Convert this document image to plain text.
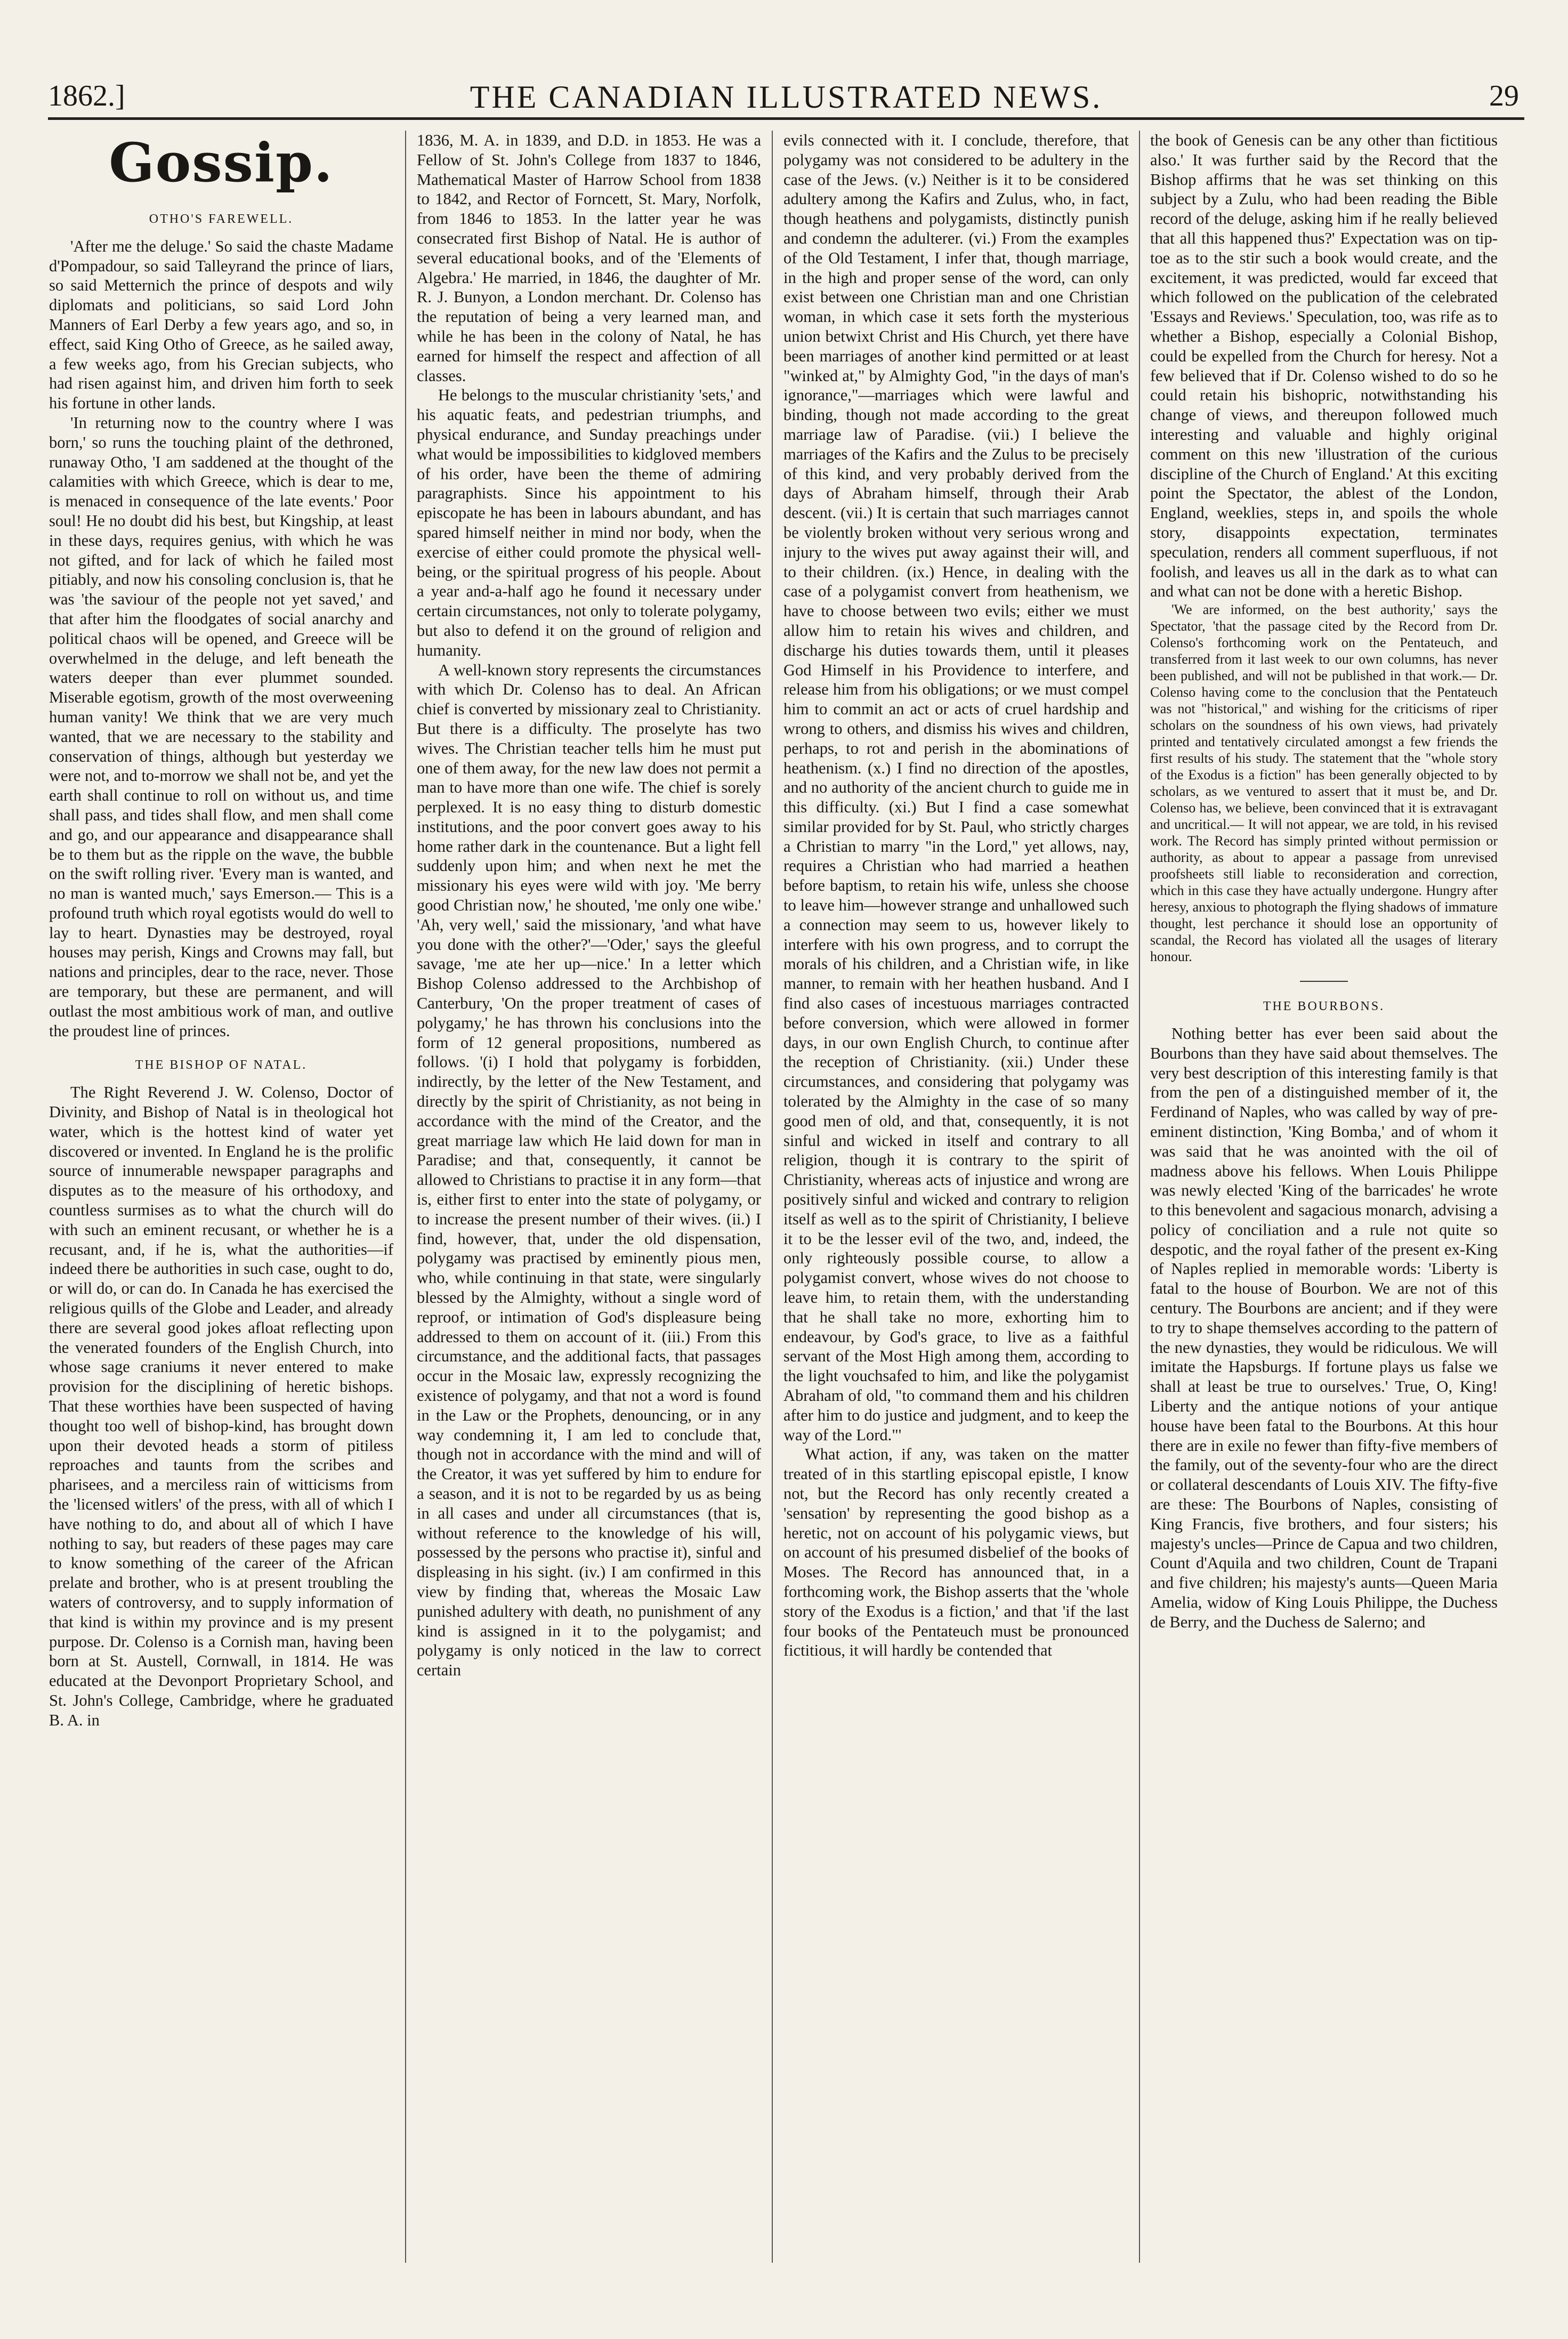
1862.]	THE CANADIAN ILLUSTRATED NEWS.	29
Gossip.
OTHO'S FAREWELL.

'After me the deluge.' So said the chaste Madame d'Pompadour, so said Talleyrand the prince of liars, so said Metternich the prince of despots and wily diplomats and politicians, so said Lord John Manners of Earl Derby a few years ago, and so, in effect, said King Otho of Greece, as he sailed away, a few weeks ago, from his Grecian subjects, who had risen against him, and driven him forth to seek his fortune in other lands.

'In returning now to the country where I was born,' so runs the touching plaint of the dethroned, runaway Otho, 'I am saddened at the thought of the calamities with which Greece, which is dear to me, is menaced in consequence of the late events.' Poor soul! He no doubt did his best, but Kingship, at least in these days, requires genius, with which he was not gifted, and for lack of which he failed most pitiably, and now his consoling conclusion is, that he was 'the saviour of the people not yet saved,' and that after him the floodgates of social anarchy and political chaos will be opened, and Greece will be overwhelmed in the deluge, and left beneath the waters deeper than ever plummet sounded. Miserable egotism, growth of the most overweening human vanity! We think that we are very much wanted, that we are necessary to the stability and conservation of things, although but yesterday we were not, and to-morrow we shall not be, and yet the earth shall continue to roll on without us, and time shall pass, and tides shall flow, and men shall come and go, and our appearance and disappearance shall be to them but as the ripple on the wave, the bubble on the swift rolling river. 'Every man is wanted, and no man is wanted much,' says Emerson.— This is a profound truth which royal egotists would do well to lay to heart. Dynasties may be destroyed, royal houses may perish, Kings and Crowns may fall, but nations and principles, dear to the race, never. Those are temporary, but these are permanent, and will outlast the most ambitious work of man, and outlive the proudest line of princes.

THE BISHOP OF NATAL.

The Right Reverend J. W. Colenso, Doctor of Divinity, and Bishop of Natal is in theological hot water, which is the hottest kind of water yet discovered or invented. In England he is the prolific source of innumerable newspaper paragraphs and disputes as to the measure of his orthodoxy, and countless surmises as to what the church will do with such an eminent recusant, or whether he is a recusant, and, if he is, what the authorities—if indeed there be authorities in such case, ought to do, or will do, or can do. In Canada he has exercised the religious quills of the Globe and Leader, and already there are several good jokes afloat reflecting upon the venerated founders of the English Church, into whose sage craniums it never entered to make provision for the disciplining of heretic bishops. That these worthies have been suspected of having thought too well of bishop-kind, has brought down upon their devoted heads a storm of pitiless reproaches and taunts from the scribes and pharisees, and a merciless rain of witticisms from the 'licensed witlers' of the press, with all of which I have nothing to do, and about all of which I have nothing to say, but readers of these pages may care to know something of the career of the African prelate and brother, who is at present troubling the waters of controversy, and to supply information of that kind is within my province and is my present purpose. Dr. Colenso is a Cornish man, having been born at St. Austell, Cornwall, in 1814. He was educated at the Devonport Proprietary School, and St. John's College, Cambridge, where he graduated B. A. in

1836, M. A. in 1839, and D.D. in 1853. He was a Fellow of St. John's College from 1837 to 1846, Mathematical Master of Harrow School from 1838 to 1842, and Rector of Forncett, St. Mary, Norfolk, from 1846 to 1853. In the latter year he was consecrated first Bishop of Natal. He is author of several educational books, and of the 'Elements of Algebra.' He married, in 1846, the daughter of Mr. R. J. Bunyon, a London merchant. Dr. Colenso has the reputation of being a very learned man, and while he has been in the colony of Natal, he has earned for himself the respect and affection of all classes.

He belongs to the muscular christianity 'sets,' and his aquatic feats, and pedestrian triumphs, and physical endurance, and Sunday preachings under what would be impossibilities to kidgloved members of his order, have been the theme of admiring paragraphists. Since his appointment to his episcopate he has been in labours abundant, and has spared himself neither in mind nor body, when the exercise of either could promote the physical well-being, or the spiritual progress of his people. About a year and-a-half ago he found it necessary under certain circumstances, not only to tolerate polygamy, but also to defend it on the ground of religion and humanity.

A well-known story represents the circumstances with which Dr. Colenso has to deal. An African chief is converted by missionary zeal to Christianity. But there is a difficulty. The proselyte has two wives. The Christian teacher tells him he must put one of them away, for the new law does not permit a man to have more than one wife. The chief is sorely perplexed. It is no easy thing to disturb domestic institutions, and the poor convert goes away to his home rather dark in the countenance. But a light fell suddenly upon him; and when next he met the missionary his eyes were wild with joy. 'Me berry good Christian now,' he shouted, 'me only one wibe.' 'Ah, very well,' said the missionary, 'and what have you done with the other?'—'Oder,' says the gleeful savage, 'me ate her up—nice.' In a letter which Bishop Colenso addressed to the Archbishop of Canterbury, 'On the proper treatment of cases of polygamy,' he has thrown his conclusions into the form of 12 general propositions, numbered as follows. '(i) I hold that polygamy is forbidden, indirectly, by the letter of the New Testament, and directly by the spirit of Christianity, as not being in accordance with the mind of the Creator, and the great marriage law which He laid down for man in Paradise; and that, consequently, it cannot be allowed to Christians to practise it in any form—that is, either first to enter into the state of polygamy, or to increase the present number of their wives. (ii.) I find, however, that, under the old dispensation, polygamy was practised by eminently pious men, who, while continuing in that state, were singularly blessed by the Almighty, without a single word of reproof, or intimation of God's displeasure being addressed to them on account of it. (iii.) From this circumstance, and the additional facts, that passages occur in the Mosaic law, expressly recognizing the existence of polygamy, and that not a word is found in the Law or the Prophets, denouncing, or in any way condemning it, I am led to conclude that, though not in accordance with the mind and will of the Creator, it was yet suffered by him to endure for a season, and it is not to be regarded by us as being in all cases and under all circumstances (that is, without reference to the knowledge of his will, possessed by the persons who practise it), sinful and displeasing in his sight. (iv.) I am confirmed in this view by finding that, whereas the Mosaic Law punished adultery with death, no punishment of any kind is assigned in it to the polygamist; and polygamy is only noticed in the law to correct certain

evils connected with it. I conclude, therefore, that polygamy was not considered to be adultery in the case of the Jews. (v.) Neither is it to be considered adultery among the Kafirs and Zulus, who, in fact, though heathens and polygamists, distinctly punish and condemn the adulterer. (vi.) From the examples of the Old Testament, I infer that, though marriage, in the high and proper sense of the word, can only exist between one Christian man and one Christian woman, in which case it sets forth the mysterious union betwixt Christ and His Church, yet there have been marriages of another kind permitted or at least "winked at," by Almighty God, "in the days of man's ignorance,"—marriages which were lawful and binding, though not made according to the great marriage law of Paradise. (vii.) I believe the marriages of the Kafirs and the Zulus to be precisely of this kind, and very probably derived from the days of Abraham himself, through their Arab descent. (vii.) It is certain that such marriages cannot be violently broken without very serious wrong and injury to the wives put away against their will, and to their children. (ix.) Hence, in dealing with the case of a polygamist convert from heathenism, we have to choose between two evils; either we must allow him to retain his wives and children, and discharge his duties towards them, until it pleases God Himself in his Providence to interfere, and release him from his obligations; or we must compel him to commit an act or acts of cruel hardship and wrong to others, and dismiss his wives and children, perhaps, to rot and perish in the abominations of heathenism. (x.) I find no direction of the apostles, and no authority of the ancient church to guide me in this difficulty. (xi.) But I find a case somewhat similar provided for by St. Paul, who strictly charges a Christian to marry "in the Lord," yet allows, nay, requires a Christian who had married a heathen before baptism, to retain his wife, unless she choose to leave him—however strange and unhallowed such a connection may seem to us, however likely to interfere with his own progress, and to corrupt the morals of his children, and a Christian wife, in like manner, to remain with her heathen husband. And I find also cases of incestuous marriages contracted before conversion, which were allowed in former days, in our own English Church, to continue after the reception of Christianity. (xii.) Under these circumstances, and considering that polygamy was tolerated by the Almighty in the case of so many good men of old, and that, consequently, it is not sinful and wicked in itself and contrary to all religion, though it is contrary to the spirit of Christianity, whereas acts of injustice and wrong are positively sinful and wicked and contrary to religion itself as well as to the spirit of Christianity, I believe it to be the lesser evil of the two, and, indeed, the only righteously possible course, to allow a polygamist convert, whose wives do not choose to leave him, to retain them, with the understanding that he shall take no more, exhorting him to endeavour, by God's grace, to live as a faithful servant of the Most High among them, according to the light vouchsafed to him, and like the polygamist Abraham of old, "to command them and his children after him to do justice and judgment, and to keep the way of the Lord."'

What action, if any, was taken on the matter treated of in this startling episcopal epistle, I know not, but the Record has only recently created a 'sensation' by representing the good bishop as a heretic, not on account of his polygamic views, but on account of his presumed disbelief of the books of Moses. The Record has announced that, in a forthcoming work, the Bishop asserts that the 'whole story of the Exodus is a fiction,' and that 'if the last four books of the Pentateuch must be pronounced fictitious, it will hardly be contended that

the book of Genesis can be any other than fictitious also.' It was further said by the Record that the Bishop affirms that he was set thinking on this subject by a Zulu, who had been reading the Bible record of the deluge, asking him if he really believed that all this happened thus?' Expectation was on tip-toe as to the stir such a book would create, and the excitement, it was predicted, would far exceed that which followed on the publication of the celebrated 'Essays and Reviews.' Speculation, too, was rife as to whether a Bishop, especially a Colonial Bishop, could be expelled from the Church for heresy. Not a few believed that if Dr. Colenso wished to do so he could retain his bishopric, notwithstanding his change of views, and thereupon followed much interesting and valuable and highly original comment on this new 'illustration of the curious discipline of the Church of England.' At this exciting point the Spectator, the ablest of the London, England, weeklies, steps in, and spoils the whole story, disappoints expectation, terminates speculation, renders all comment superfluous, if not foolish, and leaves us all in the dark as to what can and what can not be done with a heretic Bishop.

'We are informed, on the best authority,' says the Spectator, 'that the passage cited by the Record from Dr. Colenso's forthcoming work on the Pentateuch, and transferred from it last week to our own columns, has never been published, and will not be published in that work.— Dr. Colenso having come to the conclusion that the Pentateuch was not "historical," and wishing for the criticisms of riper scholars on the soundness of his own views, had privately printed and tentatively circulated amongst a few friends the first results of his study. The statement that the "whole story of the Exodus is a fiction" has been generally objected to by scholars, as we ventured to assert that it must be, and Dr. Colenso has, we believe, been convinced that it is extravagant and uncritical.— It will not appear, we are told, in his revised work. The Record has simply printed without permission or authority, as about to appear a passage from unrevised proofsheets still liable to reconsideration and correction, which in this case they have actually undergone. Hungry after heresy, anxious to photograph the flying shadows of immature thought, lest perchance it should lose an opportunity of scandal, the Record has violated all the usages of literary honour.

THE BOURBONS.

Nothing better has ever been said about the Bourbons than they have said about themselves. The very best description of this interesting family is that from the pen of a distinguished member of it, the Ferdinand of Naples, who was called by way of pre-eminent distinction, 'King Bomba,' and of whom it was said that he was anointed with the oil of madness above his fellows. When Louis Philippe was newly elected 'King of the barricades' he wrote to this benevolent and sagacious monarch, advising a policy of conciliation and a rule not quite so despotic, and the royal father of the present ex-King of Naples replied in memorable words: 'Liberty is fatal to the house of Bourbon. We are not of this century. The Bourbons are ancient; and if they were to try to shape themselves according to the pattern of the new dynasties, they would be ridiculous. We will imitate the Hapsburgs. If fortune plays us false we shall at least be true to ourselves.' True, O, King! Liberty and the antique notions of your antique house have been fatal to the Bourbons. At this hour there are in exile no fewer than fifty-five members of the family, out of the seventy-four who are the direct or collateral descendants of Louis XIV. The fifty-five are these: The Bourbons of Naples, consisting of King Francis, five brothers, and four sisters; his majesty's uncles—Prince de Capua and two children, Count d'Aquila and two children, Count de Trapani and five children; his majesty's aunts—Queen Maria Amelia, widow of King Louis Philippe, the Duchess de Berry, and the Duchess de Salerno; and
